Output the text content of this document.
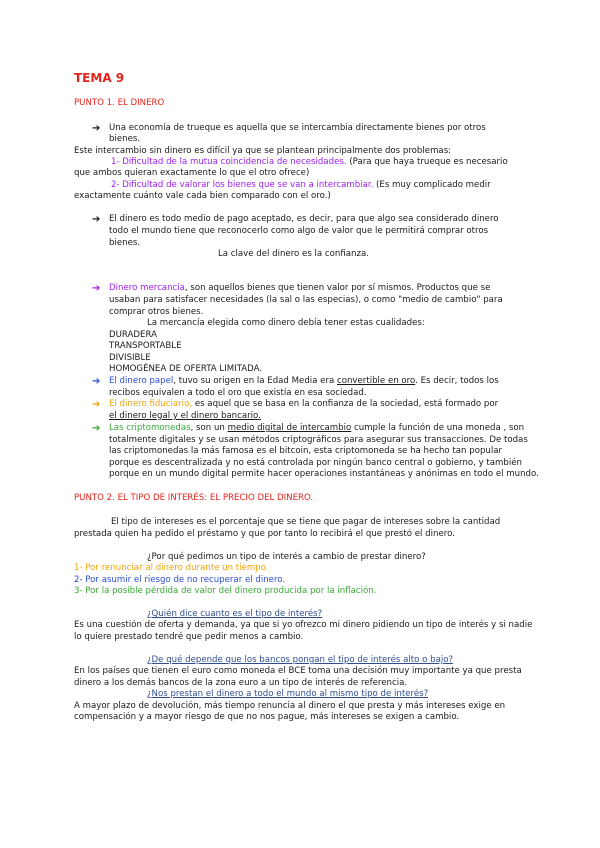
TEMA 9
PUNTO 1. EL DINERO
➔ Una economía de trueque es aquella que se intercambia directamente bienes por otros
bienes.
Este intercambio sin dinero es difícil ya que se plantean principalmente dos problemas:
1- Dificultad de la mutua coincidencia de necesidades. (Para que haya trueque es necesario
que ambos quieran exactamente lo que el otro ofrece)
2- Dificultad de valorar los bienes que se van a intercambiar. (Es muy complicado medir
exactamente cuánto vale cada bien comparado con el oro.)
➔ El dinero es todo medio de pago aceptado, es decir, para que algo sea considerado dinero
todo el mundo tiene que reconocerlo como algo de valor que le permitirá comprar otros
bienes.
La clave del dinero es la confianza.
➔ Dinero mercancía, son aquellos bienes que tienen valor por sí mismos. Productos que se
usaban para satisfacer necesidades (la sal o las especias), o como "medio de cambio" para
comprar otros bienes.
La mercancía elegida como dinero debía tener estas cualidades:
DURADERA
TRANSPORTABLE
DIVISIBLE
HOMOGÉNEA DE OFERTA LIMITADA.
➔ El dinero papel, tuvo su origen en la Edad Media era convertible en oro. Es decir, todos los
recibos equivalen a todo el oro que existía en esa sociedad.
➔ El dinero fiduciario, es aquel que se basa en la confianza de la sociedad, está formado por
el dinero legal y el dinero bancario.
➔ Las criptomonedas, son un medio digital de intercambio cumple la función de una moneda , son
totalmente digitales y se usan métodos criptográficos para asegurar sus transacciones. De todas
las criptomonedas la más famosa es el bitcoin, esta criptomoneda se ha hecho tan popular
porque es descentralizada y no está controlada por ningún banco central o gobierno, y también
porque en un mundo digital permite hacer operaciones instantáneas y anónimas en todo el mundo.
PUNTO 2. EL TIPO DE INTERÉS: EL PRECIO DEL DINERO.
El tipo de intereses es el porcentaje que se tiene que pagar de intereses sobre la cantidad
prestada quien ha pedido el préstamo y que por tanto lo recibirá el que prestó el dinero.
¿Por qué pedimos un tipo de interés a cambio de prestar dinero?
1- Por renunciar al dinero durante un tiempo.
2- Por asumir el riesgo de no recuperar el dinero.
3- Por la posible pérdida de valor del dinero producida por la inflación.
¿Quién dice cuanto es el tipo de interés?
Es una cuestión de oferta y demanda, ya que si yo ofrezco mi dinero pidiendo un tipo de interés y si nadie
lo quiere prestado tendré que pedir menos a cambio.
¿De qué depende que los bancos pongan el tipo de interés alto o bajo?
En los países que tienen el euro como moneda el BCE toma una decisión muy importante ya que presta
dinero a los demás bancos de la zona euro a un tipo de interés de referencia.
¿Nos prestan el dinero a todo el mundo al mismo tipo de interés?
A mayor plazo de devolución, más tiempo renuncia al dinero el que presta y más intereses exige en
compensación y a mayor riesgo de que no nos pague, más intereses se exigen a cambio.
